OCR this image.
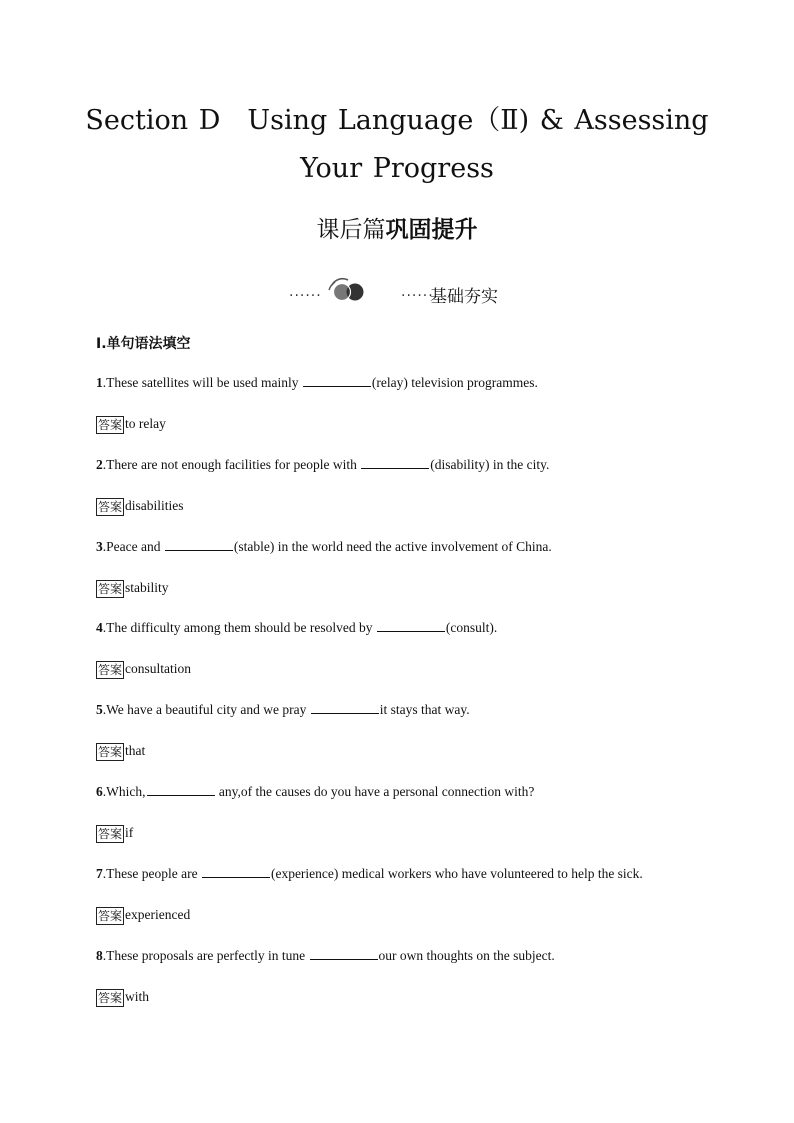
Section D　Using Language（Ⅱ) & Assessing
Your Progress
课后篇巩固提升
······	······
基础夯实
Ⅰ.单句语法填空
1.These satellites will be used mainly	(relay) television programmes.
答案 to relay
2.There are not enough facilities for people with	(disability) in the city.
答案 disabilities
3.Peace and	(stable) in the world need the active involvement of China.
答案 stability
4.The difficulty among them should be resolved by	(consult).
答案 consultation
5.We have a beautiful city and we pray	it stays that way.
答案 that
6.Which,	any,of the causes do you have a personal connection with?
答案 if
7.These people are	(experience) medical workers who have volunteered to help the sick.
答案 experienced
8.These proposals are perfectly in tune	our own thoughts on the subject.
答案 with
